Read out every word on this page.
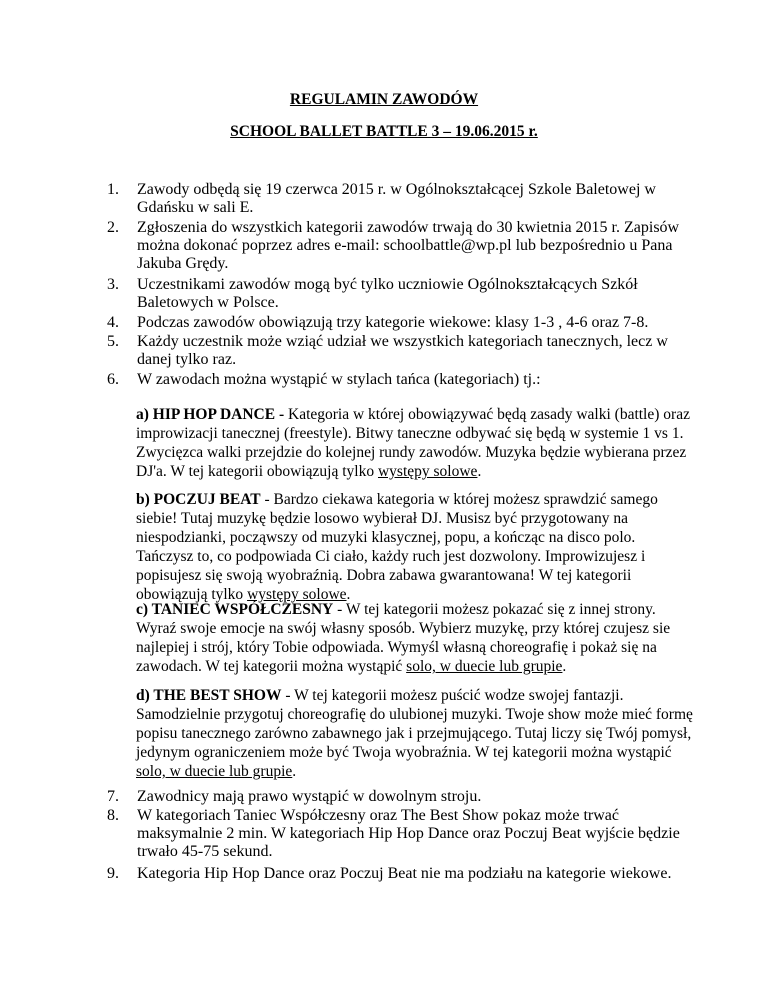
REGULAMIN ZAWODÓW
SCHOOL BALLET BATTLE 3 – 19.06.2015 r.
1.	Zawody odbędą się 19 czerwca 2015 r. w Ogólnokształcącej Szkole Baletowej w Gdańsku w sali E.
2.	Zgłoszenia do wszystkich kategorii zawodów trwają do 30 kwietnia 2015 r. Zapisów można dokonać poprzez adres e-mail: schoolbattle@wp.pl lub bezpośrednio u Pana Jakuba Grędy.
3.	Uczestnikami zawodów mogą być tylko uczniowie Ogólnokształcących Szkół Baletowych w Polsce.
4.	Podczas zawodów obowiązują trzy kategorie wiekowe: klasy 1-3 , 4-6 oraz 7-8.
5.	Każdy uczestnik może wziąć udział we wszystkich kategoriach tanecznych, lecz w danej tylko raz.
6.	W zawodach można wystąpić w stylach tańca (kategoriach) tj.:
a) HIP HOP DANCE - Kategoria w której obowiązywać będą zasady walki (battle) oraz improwizacji tanecznej (freestyle). Bitwy taneczne odbywać się będą w systemie 1 vs 1. Zwycięzca walki przejdzie do kolejnej rundy zawodów. Muzyka będzie wybierana przez DJ'a. W tej kategorii obowiązują tylko występy solowe.
b) POCZUJ BEAT - Bardzo ciekawa kategoria w której możesz sprawdzić samego siebie! Tutaj muzykę będzie losowo wybierał DJ. Musisz być przygotowany na niespodzianki, począwszy od muzyki klasycznej, popu, a kończąc na disco polo. Tańczysz to, co podpowiada Ci ciało, każdy ruch jest dozwolony. Improwizujesz i popisujesz się swoją wyobraźnią. Dobra zabawa gwarantowana! W tej kategorii obowiązują tylko występy solowe.
c) TANIEC WSPÓŁCZESNY - W tej kategorii możesz pokazać się z innej strony. Wyraź swoje emocje na swój własny sposób. Wybierz muzykę, przy której czujesz sie najlepiej i strój, który Tobie odpowiada. Wymyśl własną choreografię i pokaż się na zawodach. W tej kategorii można wystąpić solo, w duecie lub grupie.
d) THE BEST SHOW - W tej kategorii możesz puścić wodze swojej fantazji. Samodzielnie przygotuj choreografię do ulubionej muzyki. Twoje show może mieć formę popisu tanecznego zarówno zabawnego jak i przejmującego. Tutaj liczy się Twój pomysł, jedynym ograniczeniem może być Twoja wyobraźnia. W tej kategorii można wystąpić solo, w duecie lub grupie.
7.	Zawodnicy mają prawo wystąpić w dowolnym stroju.
8.	W kategoriach Taniec Współczesny oraz The Best Show pokaz może trwać maksymalnie 2 min. W kategoriach Hip Hop Dance oraz Poczuj Beat wyjście będzie trwało 45-75 sekund.
9.	Kategoria Hip Hop Dance oraz Poczuj Beat nie ma podziału na kategorie wiekowe.
